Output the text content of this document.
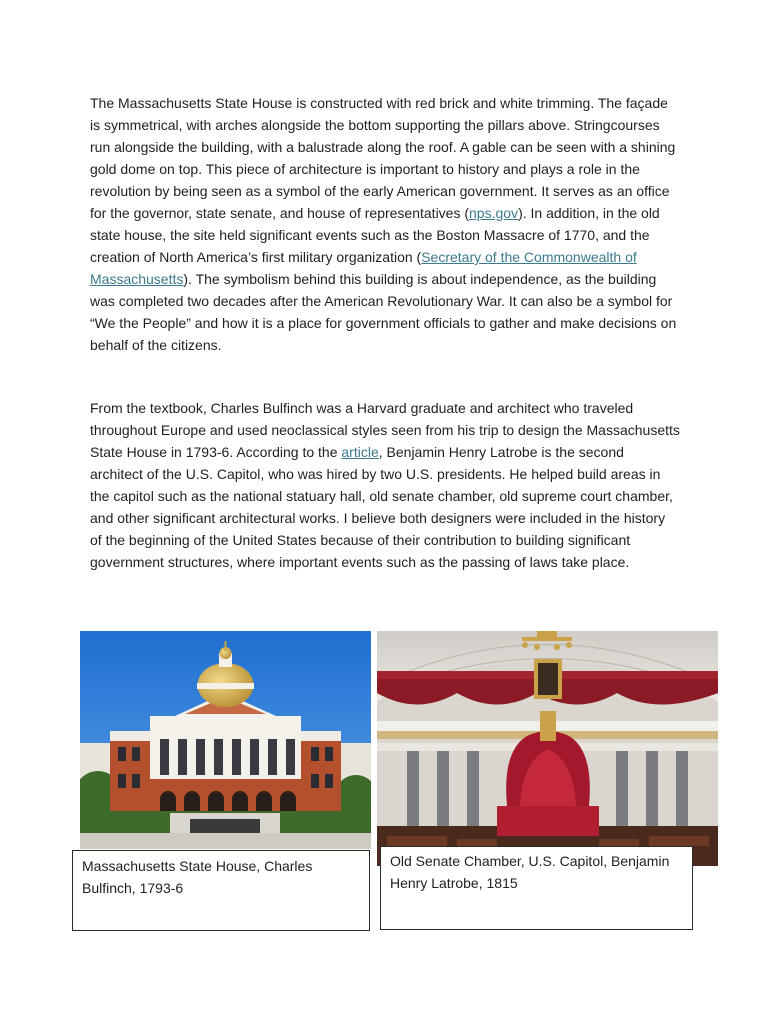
The Massachusetts State House is constructed with red brick and white trimming. The façade is symmetrical, with arches alongside the bottom supporting the pillars above. Stringcourses run alongside the building, with a balustrade along the roof. A gable can be seen with a shining gold dome on top. This piece of architecture is important to history and plays a role in the revolution by being seen as a symbol of the early American government. It serves as an office for the governor, state senate, and house of representatives (nps.gov). In addition, in the old state house, the site held significant events such as the Boston Massacre of 1770, and the creation of North America’s first military organization (Secretary of the Commonwealth of Massachusetts). The symbolism behind this building is about independence, as the building was completed two decades after the American Revolutionary War. It can also be a symbol for “We the People” and how it is a place for government officials to gather and make decisions on behalf of the citizens.

From the textbook, Charles Bulfinch was a Harvard graduate and architect who traveled throughout Europe and used neoclassical styles seen from his trip to design the Massachusetts State House in 1793-6. According to the article, Benjamin Henry Latrobe is the second architect of the U.S. Capitol, who was hired by two U.S. presidents. He helped build areas in the capitol such as the national statuary hall, old senate chamber, old supreme court chamber, and other significant architectural works. I believe both designers were included in the history of the beginning of the United States because of their contribution to building significant government structures, where important events such as the passing of laws take place.

Massachusetts State House, Charles Bulfinch, 1793-6
Old Senate Chamber, U.S. Capitol, Benjamin Henry Latrobe, 1815
